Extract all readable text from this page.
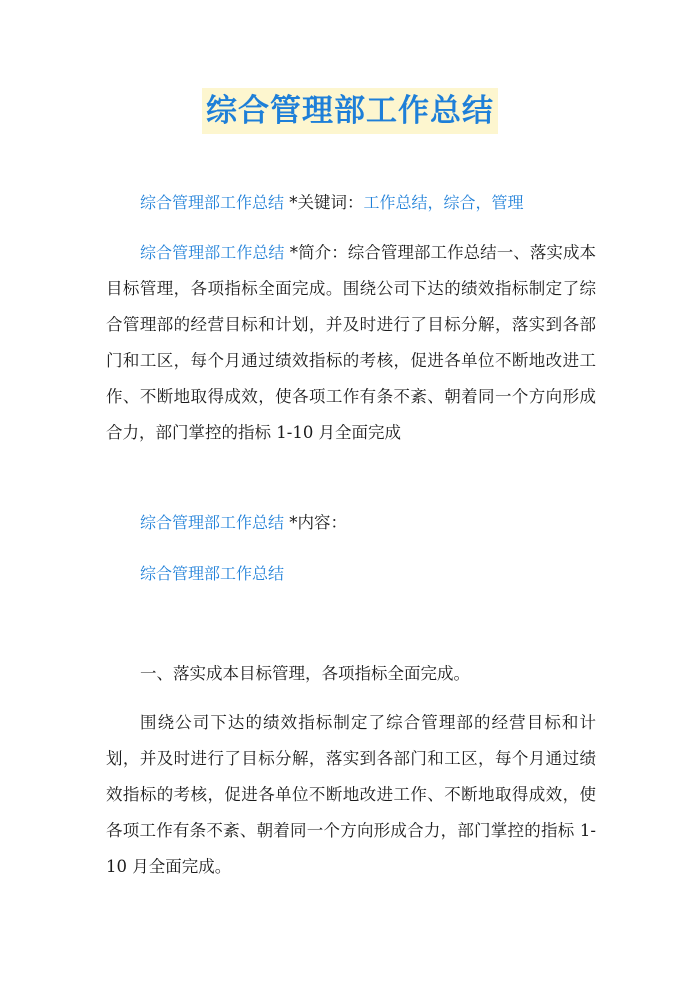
综合管理部工作总结

综合管理部工作总结 *关键词：工作总结，综合，管理

综合管理部工作总结 *简介：综合管理部工作总结一、落实成本目标管理，各项指标全面完成。围绕公司下达的绩效指标制定了综合管理部的经营目标和计划，并及时进行了目标分解，落实到各部门和工区，每个月通过绩效指标的考核，促进各单位不断地改进工作、不断地取得成效，使各项工作有条不紊、朝着同一个方向形成合力，部门掌控的指标 1-10 月全面完成

综合管理部工作总结 *内容：

综合管理部工作总结

一、落实成本目标管理，各项指标全面完成。

围绕公司下达的绩效指标制定了综合管理部的经营目标和计划，并及时进行了目标分解，落实到各部门和工区，每个月通过绩效指标的考核，促进各单位不断地改进工作、不断地取得成效，使各项工作有条不紊、朝着同一个方向形成合力，部门掌控的指标 1-10 月全面完成。
